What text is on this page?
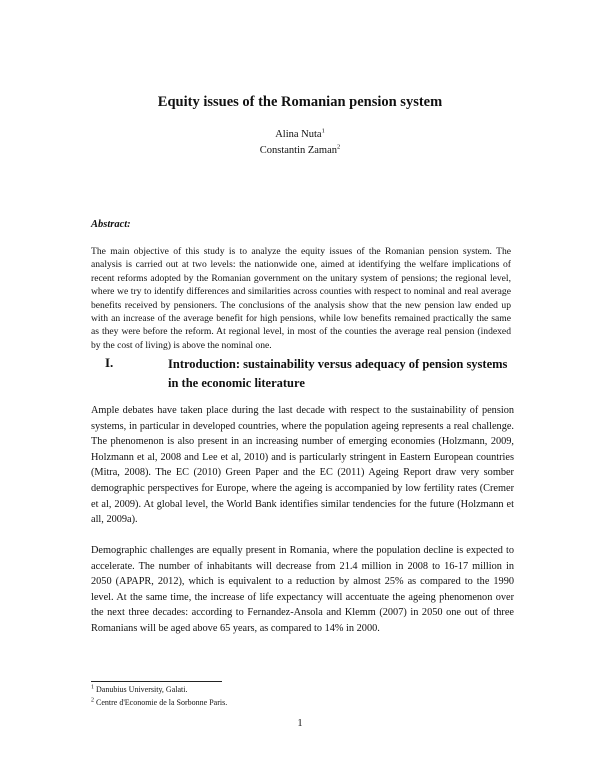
Equity issues of the Romanian pension system
Alina Nuta$^1$
Constantin Zaman$^2$
Abstract:

The main objective of this study is to analyze the equity issues of the Romanian pension system. The analysis is carried out at two levels: the nationwide one, aimed at identifying the welfare implications of recent reforms adopted by the Romanian government on the unitary system of pensions; the regional level, where we try to identify differences and similarities across counties with respect to nominal and real average benefits received by pensioners. The conclusions of the analysis show that the new pension law ended up with an increase of the average benefit for high pensions, while low benefits remained practically the same as they were before the reform. At regional level, in most of the counties the average real pension (indexed by the cost of living) is above the nominal one.

I.	Introduction: sustainability versus adequacy of pension systems in the economic literature

Ample debates have taken place during the last decade with respect to the sustainability of pension systems, in particular in developed countries, where the population ageing represents a real challenge. The phenomenon is also present in an increasing number of emerging economies (Holzmann, 2009, Holzmann et al, 2008 and Lee et al, 2010) and is particularly stringent in Eastern European countries (Mitra, 2008). The EC (2010) Green Paper and the EC (2011) Ageing Report draw very somber demographic perspectives for Europe, where the ageing is accompanied by low fertility rates (Cremer et al, 2009). At global level, the World Bank identifies similar tendencies for the future (Holzmann et all, 2009a).

Demographic challenges are equally present in Romania, where the population decline is expected to accelerate. The number of inhabitants will decrease from 21.4 million in 2008 to 16-17 million in 2050 (APAPR, 2012), which is equivalent to a reduction by almost 25% as compared to the 1990 level. At the same time, the increase of life expectancy will accentuate the ageing phenomenon over the next three decades: according to Fernandez-Ansola and Klemm (2007) in 2050 one out of three Romanians will be aged above 65 years, as compared to 14% in 2000.

$^1$ Danubius University, Galati.
$^2$ Centre d'Economie de la Sorbonne Paris.
1
